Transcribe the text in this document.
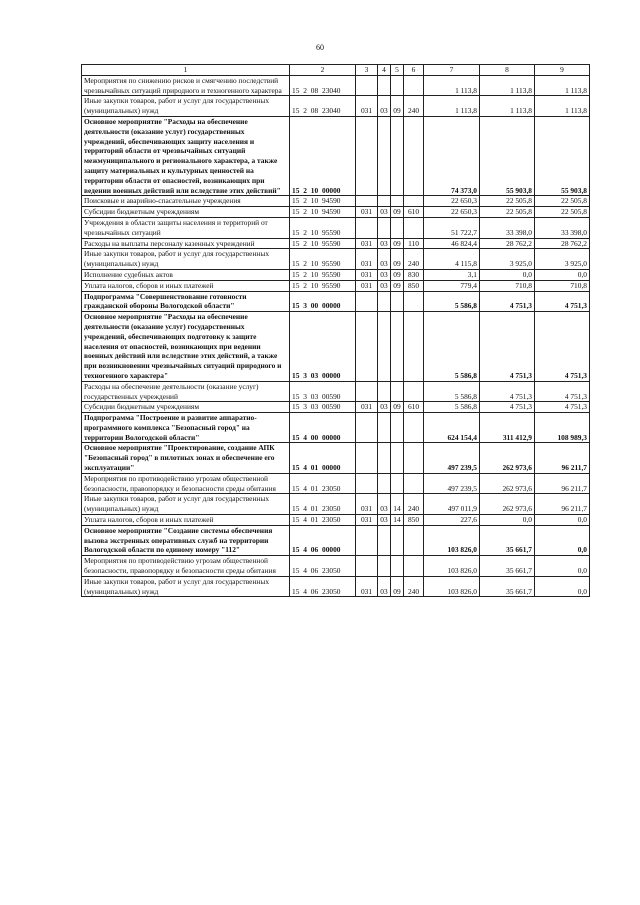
60
1	2	3	4	5	6	7	8	9
Мероприятия по снижению рисков и смягчению последствий чрезвычайных ситуаций природного и техногенного характера	15 2 08 23040					1 113,8	1 113,8	1 113,8
Иные закупки товаров, работ и услуг для государственных (муниципальных) нужд	15 2 08 23040	031	03	09	240	1 113,8	1 113,8	1 113,8
Основное мероприятие "Расходы на обеспечение деятельности (оказание услуг) государственных учреждений, обеспечивающих защиту населения и территорий области от чрезвычайных ситуаций межмуниципального и регионального характера, а также защиту материальных и культурных ценностей на территории области от опасностей, возникающих при ведении военных действий или вследствие этих действий"	15 2 10 00000					74 373,0	55 903,8	55 903,8
Поисковые и аварийно-спасательные учреждения	15 2 10 94590					22 650,3	22 505,8	22 505,8
Субсидии бюджетным учреждениям	15 2 10 94590	031	03	09	610	22 650,3	22 505,8	22 505,8
Учреждения в области защиты населения и территорий от чрезвычайных ситуаций	15 2 10 95590					51 722,7	33 398,0	33 398,0
Расходы на выплаты персоналу казенных учреждений	15 2 10 95590	031	03	09	110	46 824,4	28 762,2	28 762,2
Иные закупки товаров, работ и услуг для государственных (муниципальных) нужд	15 2 10 95590	031	03	09	240	4 115,8	3 925,0	3 925,0
Исполнение судебных актов	15 2 10 95590	031	03	09	830	3,1	0,0	0,0
Уплата налогов, сборов и иных платежей	15 2 10 95590	031	03	09	850	779,4	710,8	710,8
Подпрограмма "Совершенствование готовности гражданской обороны Вологодской области"	15 3 00 00000					5 586,8	4 751,3	4 751,3
Основное мероприятие "Расходы на обеспечение деятельности (оказание услуг) государственных учреждений, обеспечивающих подготовку к защите населения от опасностей, возникающих при ведении военных действий или вследствие этих действий, а также при возникновении чрезвычайных ситуаций природного и техногенного характера"	15 3 03 00000					5 586,8	4 751,3	4 751,3
Расходы на обеспечение деятельности (оказание услуг) государственных учреждений	15 3 03 00590					5 586,8	4 751,3	4 751,3
Субсидии бюджетным учреждениям	15 3 03 00590	031	03	09	610	5 586,8	4 751,3	4 751,3
Подпрограмма "Построение и развитие аппаратно-программного комплекса "Безопасный город" на территории Вологодской области"	15 4 00 00000					624 154,4	311 412,9	108 989,3
Основное мероприятие "Проектирование, создание АПК "Безопасный город" в пилотных зонах и обеспечение его эксплуатации"	15 4 01 00000					497 239,5	262 973,6	96 211,7
Мероприятия по противодействию угрозам общественной безопасности, правопорядку и безопасности среды обитания	15 4 01 23050					497 239,5	262 973,6	96 211,7
Иные закупки товаров, работ и услуг для государственных (муниципальных) нужд	15 4 01 23050	031	03	14	240	497 011,9	262 973,6	96 211,7
Уплата налогов, сборов и иных платежей	15 4 01 23050	031	03	14	850	227,6	0,0	0,0
Основное мероприятие "Создание системы обеспечения вызова экстренных оперативных служб на территории Вологодской области по единому номеру "112"	15 4 06 00000					103 826,0	35 661,7	0,0
Мероприятия по противодействию угрозам общественной безопасности, правопорядку и безопасности среды обитания	15 4 06 23050					103 826,0	35 661,7	0,0
Иные закупки товаров, работ и услуг для государственных (муниципальных) нужд	15 4 06 23050	031	03	09	240	103 826,0	35 661,7	0,0
